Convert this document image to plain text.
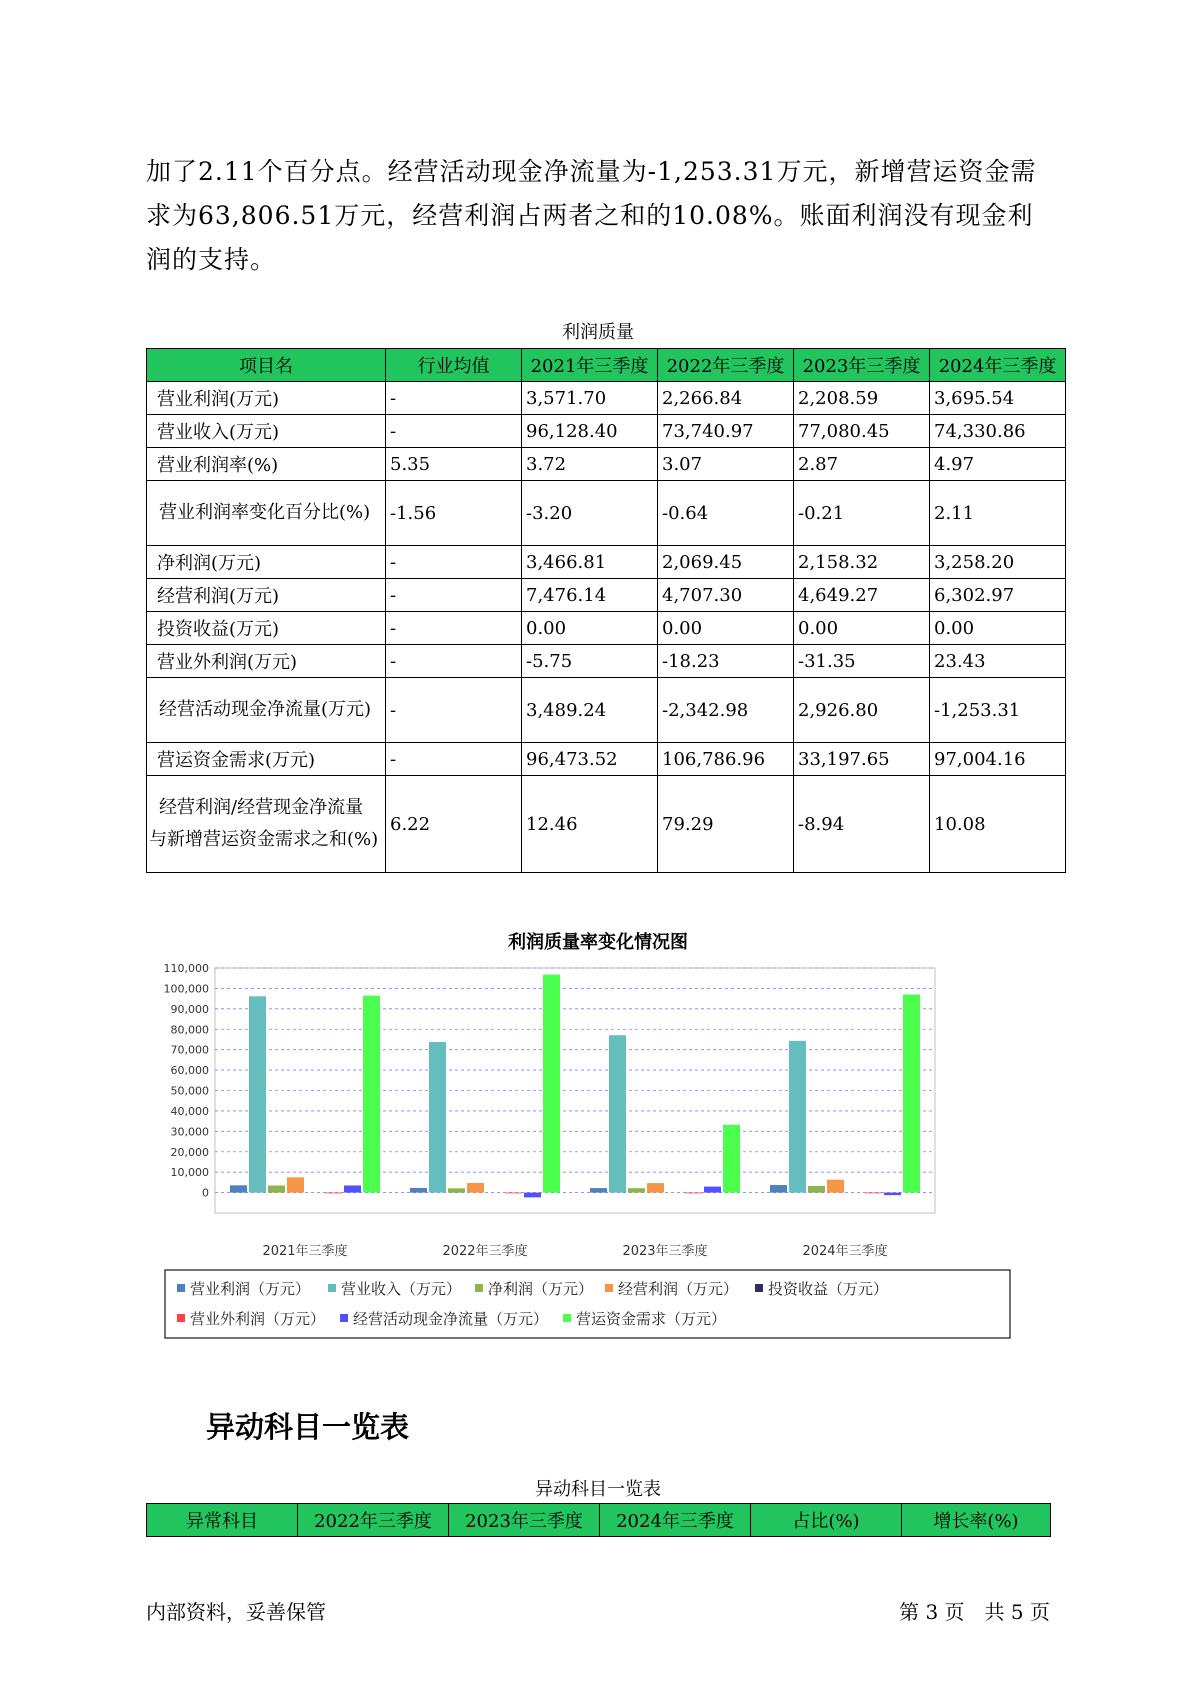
加了2.11个百分点。经营活动现金净流量为-1,253.31万元，新增营运资金需求为63,806.51万元，经营利润占两者之和的10.08%。账面利润没有现金利润的支持。

利润质量
项目名	行业均值	2021年三季度	2022年三季度	2023年三季度	2024年三季度
营业利润(万元)	-	3,571.70	2,266.84	2,208.59	3,695.54
营业收入(万元)	-	96,128.40	73,740.97	77,080.45	74,330.86
营业利润率(%)	5.35	3.72	3.07	2.87	4.97
营业利润率变化百分比(%)	-1.56	-3.20	-0.64	-0.21	2.11
净利润(万元)	-	3,466.81	2,069.45	2,158.32	3,258.20
经营利润(万元)	-	7,476.14	4,707.30	4,649.27	6,302.97
投资收益(万元)	-	0.00	0.00	0.00	0.00
营业外利润(万元)	-	-5.75	-18.23	-31.35	23.43
经营活动现金净流量(万元)	-	3,489.24	-2,342.98	2,926.80	-1,253.31
营运资金需求(万元)	-	96,473.52	106,786.96	33,197.65	97,004.16
经营利润/经营现金净流量与新增营运资金需求之和(%)	6.22	12.46	79.29	-8.94	10.08
利润质量率变化情况图
0
10,000
20,000
30,000
40,000
50,000
60,000
70,000
80,000
90,000
100,000
110,000
2021年三季度	2022年三季度	2023年三季度	2024年三季度
营业利润（万元） 营业收入（万元） 净利润（万元） 经营利润（万元） 投资收益（万元）
营业外利润（万元） 经营活动现金净流量（万元） 营运资金需求（万元）
异动科目一览表
异动科目一览表
异常科目	2022年三季度	2023年三季度	2024年三季度	占比(%)	增长率(%)
内部资料，妥善保管	第 3 页　共 5 页
